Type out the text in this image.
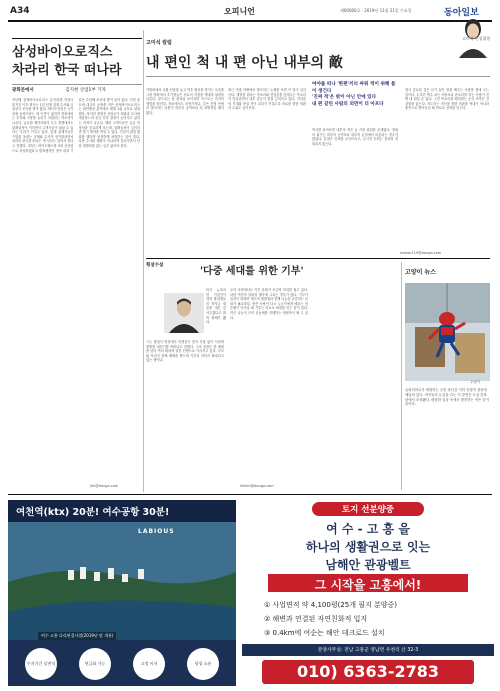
A34	오피니언	제00000호 · 2019년 11월 21일 수요일	동아일보
삼성바이오로직스
차라리 한국 떠나라
광화문에서	김지현 산업1부 기자
지난해 삼성바이오로직스 분식회계 의혹이 불거진 이후 회사는 1년 넘게 검찰 수사와 금융당국 조사를 받아 왔다. 바이오산업은 국가 성장 동력이라는 데 이견이 없지만 현장에서는 투자와 고용을 늘리기 어렵다는 하소연이 나온다. 글로벌 제약사와의 수주 경쟁에서도 불확실성이 커지면서 고객사들이 떠날 수 있다는 우려가 커지고 있다. 업계 관계자들은 기업을 옥죄는 규제와 수사가 장기화되면서 차라리 한국을 떠나는 게 낫다는 말까지 한다고 전했다. 정부는 바이오헬스를 3대 신산업으로 육성하겠다고 발표했지만 정작 대표 기업은 수년째 조사에 발이 묶여 있다. 인천 송도에 대규모 공장을 지은 삼성바이오로직스는 위탁생산 분야에서 세계 1위 규모로 성장했다. 하지만 경영진 상당수가 재판과 수사에 대응하느라 신규 투자 결정이 늦어지고 있다는 지적이 나온다. 해외 고객사들은 공급 안정성을 중요하게 보는데, 불확실성이 길어지면 장기 계약을 꺼릴 수 있다. 기업이 위법 행위를 했다면 엄정하게 처벌하는 것이 맞다. 다만 수사와 재판이 지나치게 길어지면서 산업 경쟁력을 잃는 일은 없어야 한다.
jhk@donga.com
고미석 칼럼
내 편인 척 내 편 아닌 내부의 敵
고미석 논설위원
가톨릭에서 교황 선출을 놓고 막후 협상을 벌이는 모습을 그린 영화에서 추기경들은 서로의 약점을 캐내며 권력을 다툰다. 겉으로는 한 편처럼 보이지만 속으로는 각자의 셈법을 따진다. 정치에서도 마찬가지다. 같은 진영 안에서 벌어지는 다툼이 외부의 공격보다 더 치명적일 때가 많다.
최근 여권 안팎에서 벌어지는 논쟁을 보면 이 말이 실감 난다. 개혁을 외치는 목소리와 현실론을 앞세우는 목소리가 엇갈리면서 내부 갈등이 점점 깊어지고 있다. 지지층의 기대와 현실 사이 괴리가 커질수록 서로를 향한 비판의 수위도 높아진다.
여야를 떠나 '한편'끼리 싸워 적이 위해 틈이 생긴다
'진짜 적'은 밖이 아닌 안에 있다
내 편 같던 사람의 외면이 더 아프다
역사를 돌아보면 내부의 적은 늘 가장 위험한 존재였다. 정권의 위기는 외부의 공격보다 내부의 균열에서 비롯되는 경우가 많았다. 분열은 신뢰를 무너뜨리고, 무너진 신뢰는 좀처럼 회복되지 않는다.
결국 중요한 것은 듣기 싫은 말을 해주는 사람을 곁에 두는 일이다. 무조건 박수 치는 사람보다 쓴소리를 하는 사람이 진짜 내 편일 수 있다. 그런 목소리를 배척하는 순간 조직은 건강함을 잃는다. 지도자는 자신을 향한 비판을 적대가 아니라 충언으로 받아들일 때 비로소 신뢰를 얻는다.
mskoh119@donga.com
횡설수설
'다중 세대를 위한 기부'
미국 뉴욕의 한 기업인이 대학 졸업생들의 학자금 대출을 대신 갚아주겠다고 밝혀 화제가 됐다.
그는 졸업식 연설에서 학생들이 빚의 부담 없이 사회에 첫발을 내딛기를 바란다고 말했다. 그의 결정은 한 세대를 넘어 여러 세대에 걸친 선행으로 이어지고 있다. 부모와 자녀가 함께 혜택을 받으며 기부의 의미가 확장되고 있는 셈이다.
우리 사회에서도 기부 문화가 조금씩 자리를 잡고 있다. 다만 여전히 일회성 행사에 그치는 경우가 많다. 기부가 일상이 되려면 제도적 뒷받침과 함께 나눔을 존중하는 문화가 필요하다. 받은 사람이 다시 누군가에게 베푸는 선순환이 이어질 때 기부는 비로소 세대를 잇는 힘이 된다. 작은 나눔이 모여 공동체를 지탱하는 버팀목이 될 수 있다.
hkkim@donga.com
고양이 뉴스
우렁이
슈퍼히어로가 체험하는 듯한 장난감 거미 인형이 창문에 매달려 있다. 아이들의 눈길을 끄는 이 장면은 도심 한복판에서 포착됐다. 평범한 일상 속에서 발견하는 작은 즐거움이다.
여천역(ktx) 20분! 여수공항 30분!
LABIOUS
여수 고흥 다리연결사업(2019년 말 개통)
투자기간 실면적	연금화 가능	고정 이자	평생 소유
토지 선분양중
여 수 - 고 흥 을
하나의 생활권으로 잇는
남해안 관광벨트
그 시작을 고흥에서!
① 사업면적 약 4,100평(25개 필지 분양중)
② 해변과 연결된 자연친화적 입지
③ 0.4km에 여순는 해안 데크로드 설치
분양사무실: 전남 고흥군 영남면 우천리 산 32-3
010) 6363-2783
